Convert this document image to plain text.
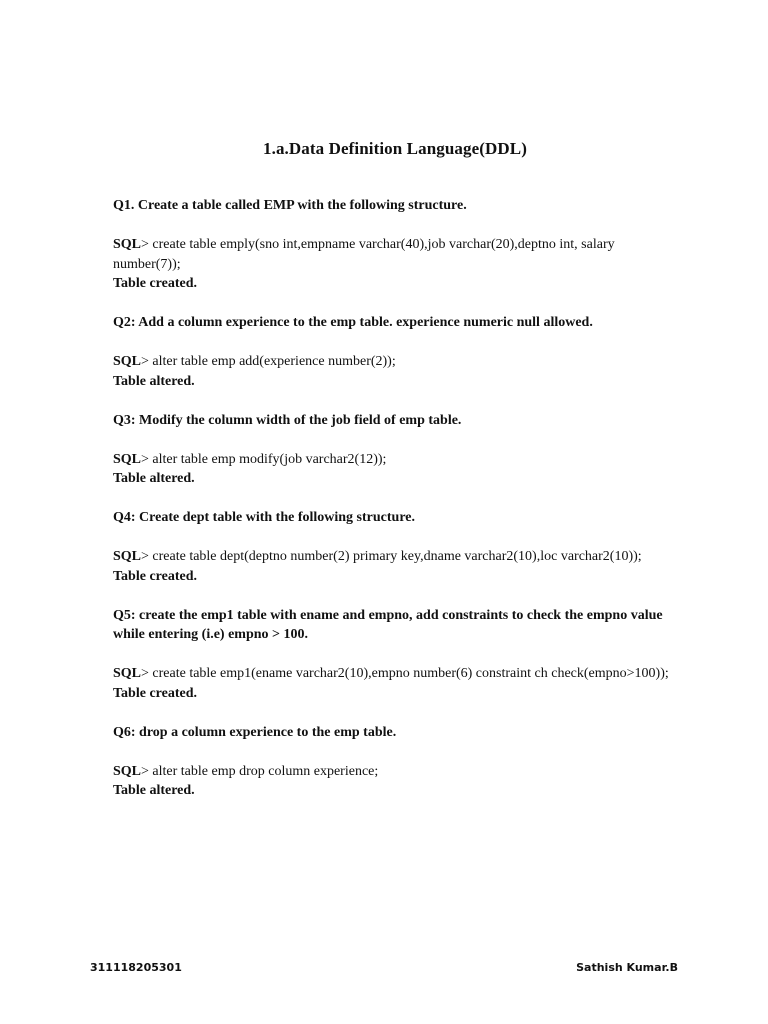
1.a.Data Definition Language(DDL)

Q1. Create a table called EMP with the following structure.

SQL> create table emply(sno int,empname varchar(40),job varchar(20),deptno int, salary number(7));

Table created.

Q2: Add a column experience to the emp table. experience numeric null allowed.

SQL> alter table emp add(experience number(2));

Table altered.

Q3: Modify the column width of the job field of emp table.

SQL> alter table emp modify(job varchar2(12));

Table altered.

Q4: Create dept table with the following structure.

SQL> create table dept(deptno number(2) primary key,dname varchar2(10),loc varchar2(10));

Table created.

Q5: create the emp1 table with ename and empno, add constraints to check the empno value while entering (i.e) empno > 100.

SQL> create table emp1(ename varchar2(10),empno number(6) constraint ch check(empno>100));

Table created.

Q6: drop a column experience to the emp table.

SQL> alter table emp drop column experience;

Table altered.

311118205301	Sathish Kumar.B
